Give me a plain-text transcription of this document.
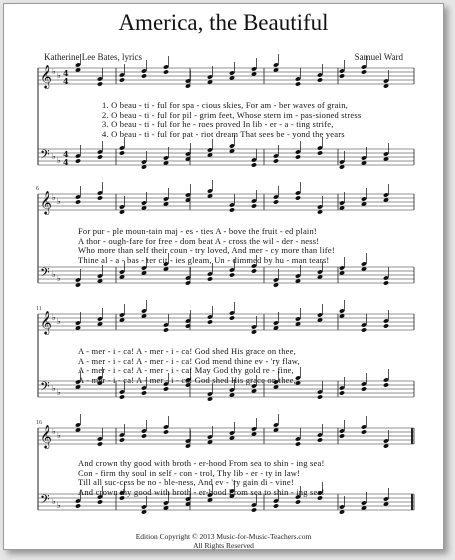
America, the Beautiful
Katherine Lee Bates, lyrics	Samuel Ward
𝄞 ♭ ♭ 4
4
𝄢 ♭ ♭
4
4
𝄞 ♭ ♭
𝄢 ♭ ♭
𝄞 ♭ ♭
𝄢 ♭ ♭
𝄞 ♭ ♭
𝄢 ♭ ♭
6
11
16
1. O beau - ti - ful for spa - cious skies, For am - ber waves of grain,
2. O beau - ti - ful for pil - grim feet, Whose stern im - pas-sioned stress
3. O beau - ti - ful for he - roes proved In lib - er - a - ting strife,
4. O beau - ti - ful for pat - riot dream That sees be - yond the years
For pur - ple moun-tain maj - es - ties A - bove the fruit - ed plain!
A thor - ough-fare for free - dom beat A - cross the wil - der - ness!
Who more than self their coun - try loved, And mer - cy more than life!
Thine al - a - bas - ter cit - ies gleam, Un - dimmed by hu - man tears!
A - mer - i - ca! A - mer - i - ca! God shed His grace on thee,
A - mer - i - ca! A - mer - i - ca! God mend thine ev - 'ry flaw,
A - mer - i - ca! A - mer - i - ca! May God thy gold re - fine,
A - mer - i - ca! A - mer - i - ca! God shed His grace on thee,
And crown thy good with broth - er-hood From sea to shin - ing sea!
Con - firm thy soul in self - con - trol, Thy lib - er - ty in law!
Till all suc-cess be no - ble-ness, And ev - 'ry gain di - vine!
And crown thy good with broth - er-hood From sea to shin - ing sea!
Edition Copyright © 2013 Music-for-Music-Teachers.com
All Rights Reserved
